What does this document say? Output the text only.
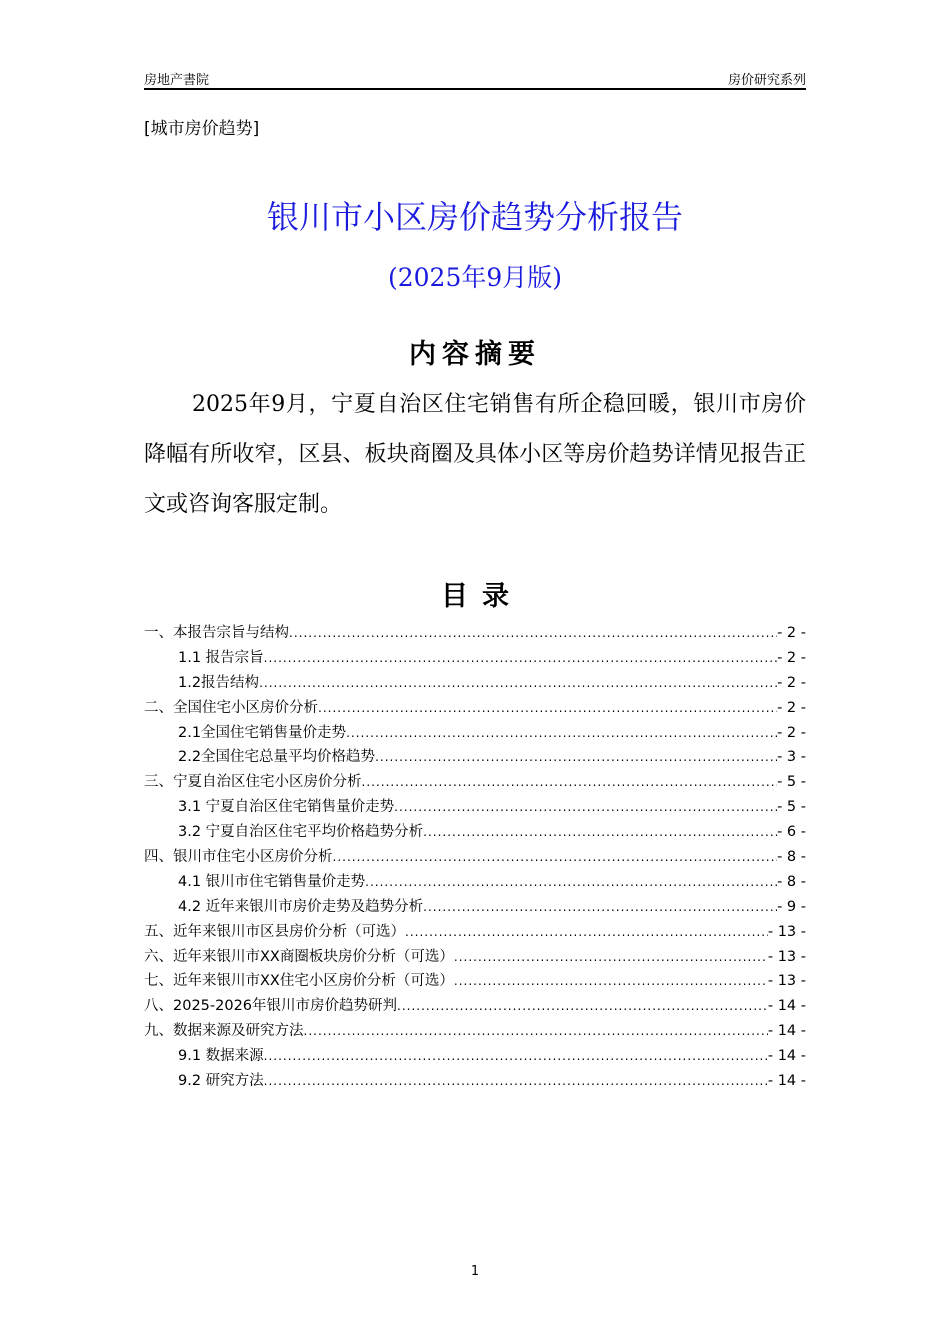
房地产書院	房价研究系列
[城市房价趋势]
银川市小区房价趋势分析报告
(2025年9月版)
内容摘要
2025年9月，宁夏自治区住宅销售有所企稳回暖，银川市房价降幅有所收窄，区县、板块商圈及具体小区等房价趋势详情见报告正文或咨询客服定制。
目录
一、本报告宗旨与结构 .....	- 2 -
1.1 报告宗旨 .....	- 2 -
1.2报告结构 .....	- 2 -
二、全国住宅小区房价分析 .....	- 2 -
2.1全国住宅销售量价走势 .....	- 2 -
2.2全国住宅总量平均价格趋势 .....	- 3 -
三、宁夏自治区住宅小区房价分析 .....	- 5 -
3.1 宁夏自治区住宅销售量价走势 .....	- 5 -
3.2 宁夏自治区住宅平均价格趋势分析 .....	- 6 -
四、银川市住宅小区房价分析 .....	- 8 -
4.1 银川市住宅销售量价走势 .....	- 8 -
4.2 近年来银川市房价走势及趋势分析 .....	- 9 -
五、近年来银川市区县房价分析（可选） .....	- 13 -
六、近年来银川市XX商圈板块房价分析（可选） .....	- 13 -
七、近年来银川市XX住宅小区房价分析（可选） .....	- 13 -
八、2025-2026年银川市房价趋势研判 .....	- 14 -
九、数据来源及研究方法 .....	- 14 -
9.1 数据来源 .....	- 14 -
9.2 研究方法 .....	- 14 -
1
